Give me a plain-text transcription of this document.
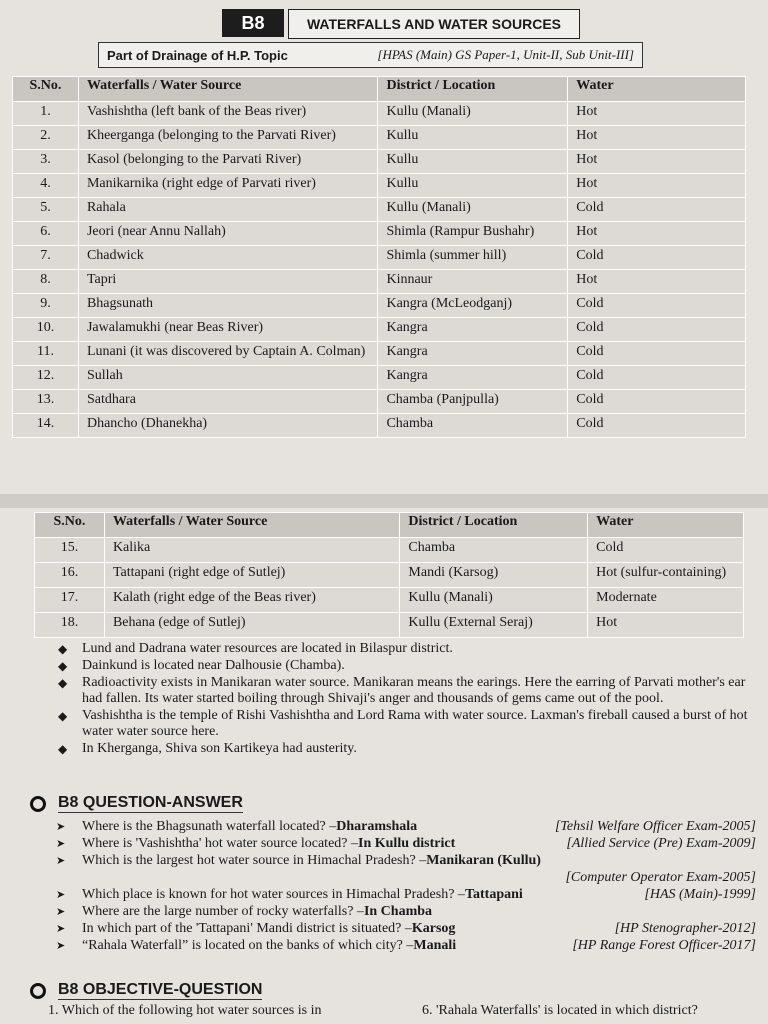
B8	WATERFALLS AND WATER SOURCES
Part of Drainage of H.P. Topic	[HPAS (Main) GS Paper-1, Unit-II, Sub Unit-III]
S.No.	Waterfalls / Water Source	District / Location	Water
1.	Vashishtha (left bank of the Beas river)	Kullu (Manali)	Hot
2.	Kheerganga (belonging to the Parvati River)	Kullu	Hot
3.	Kasol (belonging to the Parvati River)	Kullu	Hot
4.	Manikarnika (right edge of Parvati river)	Kullu	Hot
5.	Rahala	Kullu (Manali)	Cold
6.	Jeori (near Annu Nallah)	Shimla (Rampur Bushahr)	Hot
7.	Chadwick	Shimla (summer hill)	Cold
8.	Tapri	Kinnaur	Hot
9.	Bhagsunath	Kangra (McLeodganj)	Cold
10.	Jawalamukhi (near Beas River)	Kangra	Cold
11.	Lunani (it was discovered by Captain A. Colman)	Kangra	Cold
12.	Sullah	Kangra	Cold
13.	Satdhara	Chamba (Panjpulla)	Cold
14.	Dhancho (Dhanekha)	Chamba	Cold
S.No.	Waterfalls / Water Source	District / Location	Water
15.	Kalika	Chamba	Cold
16.	Tattapani (right edge of Sutlej)	Mandi (Karsog)	Hot (sulfur-containing)
17.	Kalath (right edge of the Beas river)	Kullu (Manali)	Modernate
18.	Behana (edge of Sutlej)	Kullu (External Seraj)	Hot
◆ Lund and Dadrana water resources are located in Bilaspur district.
◆ Dainkund is located near Dalhousie (Chamba).
◆ Radioactivity exists in Manikaran water source. Manikaran means the earings. Here the earring of Parvati mother's ear had fallen. Its water started boiling through Shivaji's anger and thousands of gems came out of the pool.
◆ Vashishtha is the temple of Rishi Vashishtha and Lord Rama with water source. Laxman's fireball caused a burst of hot water water source here.
◆ In Kherganga, Shiva son Kartikeya had austerity.
B8 QUESTION-ANSWER
➤ Where is the Bhagsunath waterfall located? –Dharamshala	[Tehsil Welfare Officer Exam-2005]
➤ Where is 'Vashishtha' hot water source located? –In Kullu district	[Allied Service (Pre) Exam-2009]
➤ Which is the largest hot water source in Himachal Pradesh? –Manikaran (Kullu)
[Computer Operator Exam-2005]
➤ Which place is known for hot water sources in Himachal Pradesh? –Tattapani	[HAS (Main)-1999]
➤ Where are the large number of rocky waterfalls? –In Chamba
➤ In which part of the 'Tattapani' Mandi district is situated? –Karsog	[HP Stenographer-2012]
➤ “Rahala Waterfall” is located on the banks of which city? –Manali	[HP Range Forest Officer-2017]
B8 OBJECTIVE-QUESTION
1. Which of the following hot water sources is in	6. 'Rahala Waterfalls' is located in which district?
